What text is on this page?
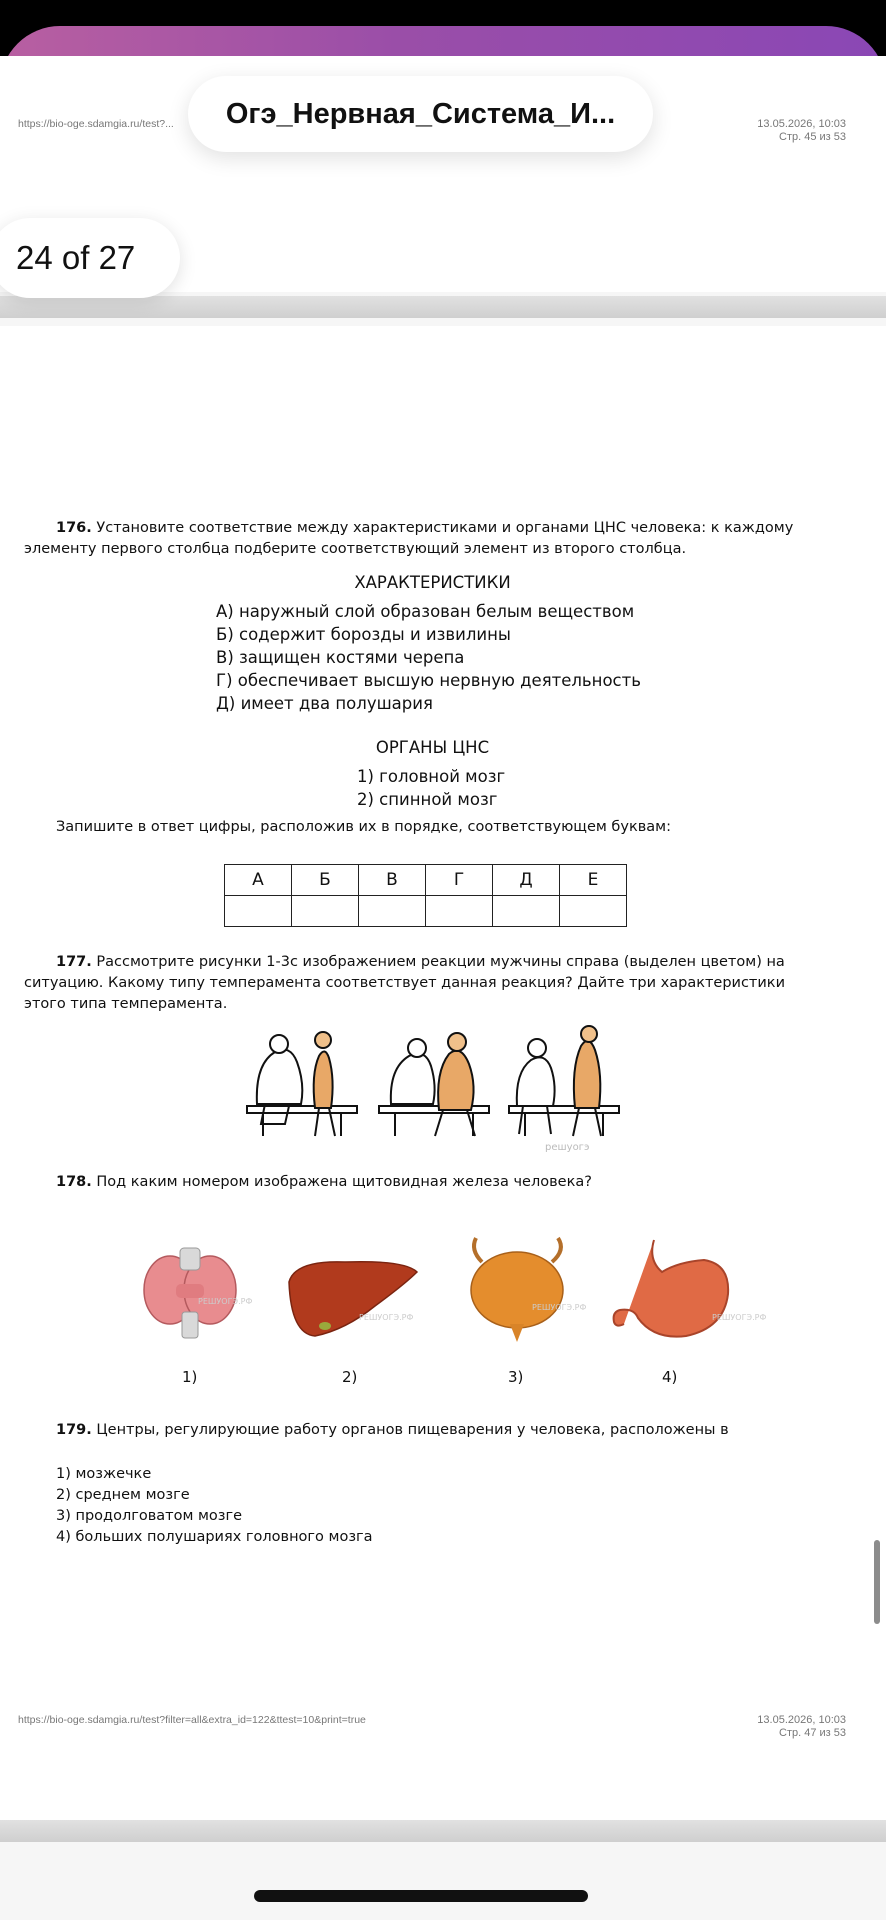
https://bio-oge.sdamgia.ru/test?...	13.05.2026, 10:03
Стр. 45 из 53
176. Установите соответствие между характеристиками и органами ЦНС человека: к каждому
элементу первого столбца подберите соответствующий элемент из второго столбца.
ХАРАКТЕРИСТИКИ
А) наружный слой образован белым веществом
Б) содержит борозды и извилины
В) защищен костями черепа
Г) обеспечивает высшую нервную деятельность
Д) имеет два полушария
ОРГАНЫ ЦНС
1) головной мозг
2) спинной мозг
Запишите в ответ цифры, расположив их в порядке, соответствующем буквам:
А	Б	В	Г	Д	Е

177. Рассмотрите рисунки 1-3с изображением реакции мужчины справа (выделен цветом) на
ситуацию. Какому типу темперамента соответствует данная реакция? Дайте три характеристики
этого типа темперамента.
решуогэ
178. Под каким номером изображена щитовидная железа человека?
РЕШУОГЭ.РФ
РЕШУОГЭ.РФ
РЕШУОГЭ.РФ
РЕШУОГЭ.РФ
1)	2)	3)	4)
179. Центры, регулирующие работу органов пищеварения у человека, расположены в
1) мозжечке
2) среднем мозге
3) продолговатом мозге
4) больших полушариях головного мозга
https://bio-oge.sdamgia.ru/test?filter=all&extra_id=122&ttest=10&print=true	13.05.2026, 10:03
Стр. 47 из 53
24 of 27
Огэ_Нервная_Система_И...
